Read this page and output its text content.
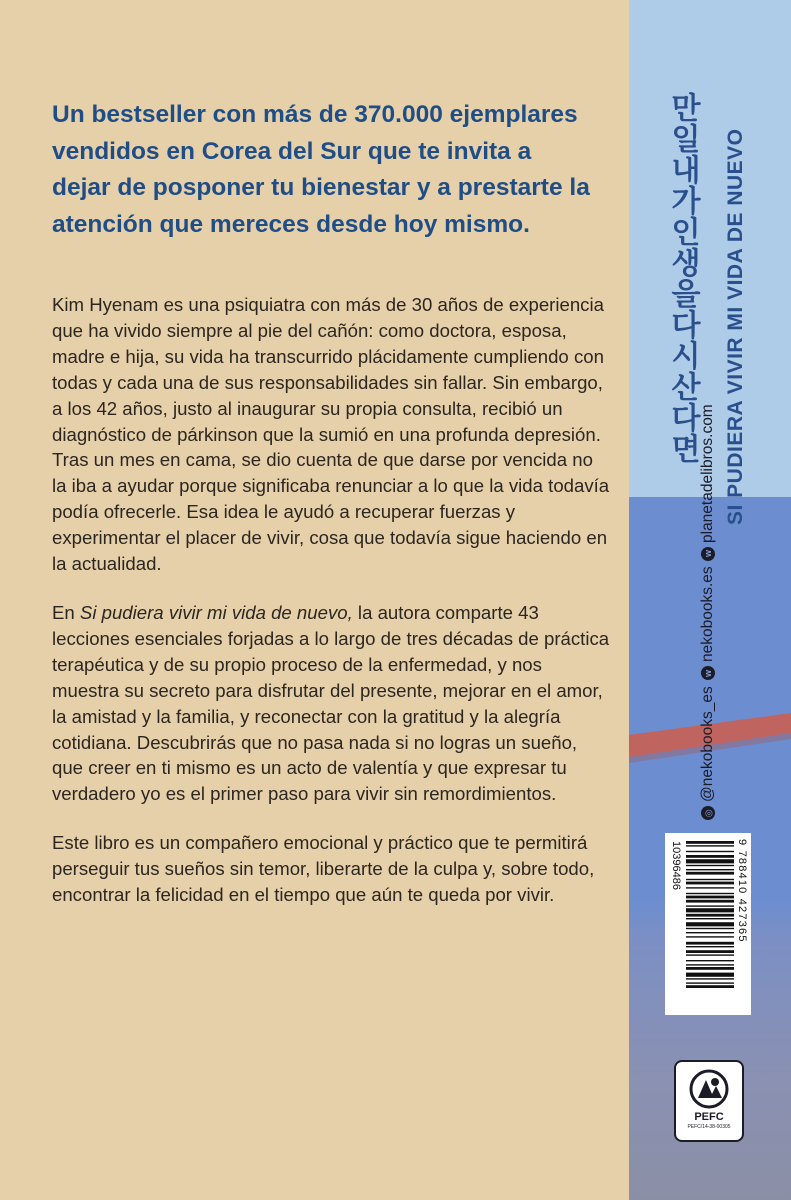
Un bestseller con más de 370.000 ejemplares vendidos en Corea del Sur que te invita a dejar de posponer tu bienestar y a prestarte la atención que mereces desde hoy mismo.

Kim Hyenam es una psiquiatra con más de 30 años de experiencia que ha vivido siempre al pie del cañón: como doctora, esposa, madre e hija, su vida ha transcurrido plácidamente cumpliendo con todas y cada una de sus responsabilidades sin fallar. Sin embargo, a los 42 años, justo al inaugurar su propia consulta, recibió un diagnóstico de párkinson que la sumió en una profunda depresión. Tras un mes en cama, se dio cuenta de que darse por vencida no la iba a ayudar porque significaba renunciar a lo que la vida todavía podía ofrecerle. Esa idea le ayudó a recuperar fuerzas y experimentar el placer de vivir, cosa que todavía sigue haciendo en la actualidad.

En Si pudiera vivir mi vida de nuevo, la autora comparte 43 lecciones esenciales forjadas a lo largo de tres décadas de práctica terapéutica y de su propio proceso de la enfermedad, y nos muestra su secreto para disfrutar del presente, mejorar en el amor, la amistad y la familia, y reconectar con la gratitud y la alegría cotidiana. Descubrirás que no pasa nada si no logras un sueño, que creer en ti mismo es un acto de valentía y que expresar tu verdadero yo es el primer paso para vivir sin remordimientos.

Este libro es un compañero emocional y práctico que te permitirá perseguir tus sueños sin temor, liberarte de la culpa y, sobre todo, encontrar la felicidad en el tiempo que aún te queda por vivir.

만일내가인생을다시산다면 SI PUDIERA VIVIR MI VIDA DE NUEVO
◎
@nekobooks_es
w
nekobooks.es
w
planetadelibros.com
10396486	9 788410 427365
PEFC
PEFC/14-38-00305
